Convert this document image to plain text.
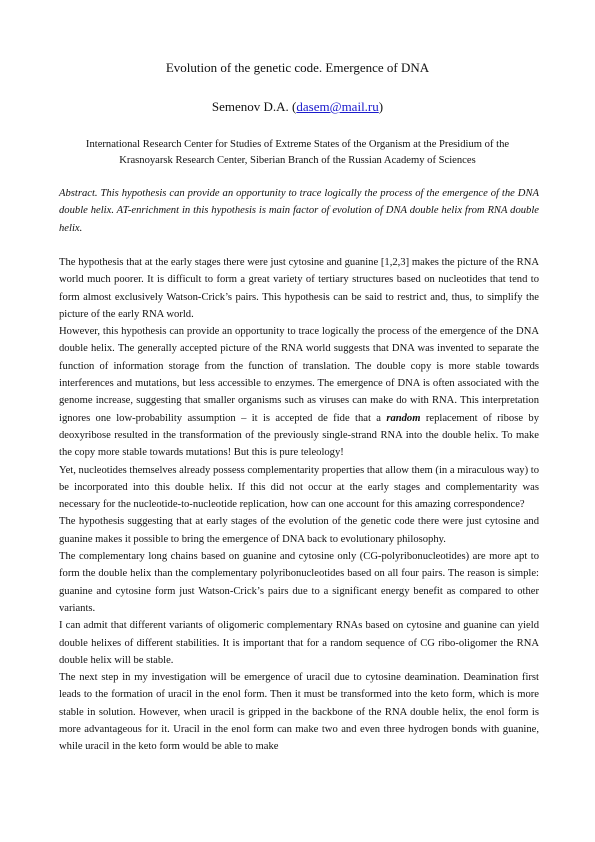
Evolution of the genetic code. Emergence of DNA
Semenov D.A. (dasem@mail.ru)
International Research Center for Studies of Extreme States of the Organism at the Presidium of the Krasnoyarsk Research Center, Siberian Branch of the Russian Academy of Sciences
Abstract. This hypothesis can provide an opportunity to trace logically the process of the emergence of the DNA double helix. AT-enrichment in this hypothesis is main factor of evolution of DNA double helix from RNA double helix.

The hypothesis that at the early stages there were just cytosine and guanine [1,2,3] makes the picture of the RNA world much poorer. It is difficult to form a great variety of tertiary structures based on nucleotides that tend to form almost exclusively Watson-Crick’s pairs. This hypothesis can be said to restrict and, thus, to simplify the picture of the early RNA world.

However, this hypothesis can provide an opportunity to trace logically the process of the emergence of the DNA double helix. The generally accepted picture of the RNA world suggests that DNA was invented to separate the function of information storage from the function of translation. The double copy is more stable towards interferences and mutations, but less accessible to enzymes. The emergence of DNA is often associated with the genome increase, suggesting that smaller organisms such as viruses can make do with RNA. This interpretation ignores one low-probability assumption – it is accepted de fide that a random replacement of ribose by deoxyribose resulted in the transformation of the previously single-strand RNA into the double helix. To make the copy more stable towards mutations! But this is pure teleology!

Yet, nucleotides themselves already possess complementarity properties that allow them (in a miraculous way) to be incorporated into this double helix. If this did not occur at the early stages and complementarity was necessary for the nucleotide-to-nucleotide replication, how can one account for this amazing correspondence?

The hypothesis suggesting that at early stages of the evolution of the genetic code there were just cytosine and guanine makes it possible to bring the emergence of DNA back to evolutionary philosophy.

The complementary long chains based on guanine and cytosine only (CG-polyribonucleotides) are more apt to form the double helix than the complementary polyribonucleotides based on all four pairs. The reason is simple: guanine and cytosine form just Watson-Crick’s pairs due to a significant energy benefit as compared to other variants.

I can admit that different variants of oligomeric complementary RNAs based on cytosine and guanine can yield double helixes of different stabilities. It is important that for a random sequence of CG ribo-oligomer the RNA double helix will be stable.

The next step in my investigation will be emergence of uracil due to cytosine deamination. Deamination first leads to the formation of uracil in the enol form. Then it must be transformed into the keto form, which is more stable in solution. However, when uracil is gripped in the backbone of the RNA double helix, the enol form is more advantageous for it. Uracil in the enol form can make two and even three hydrogen bonds with guanine, while uracil in the keto form would be able to make
